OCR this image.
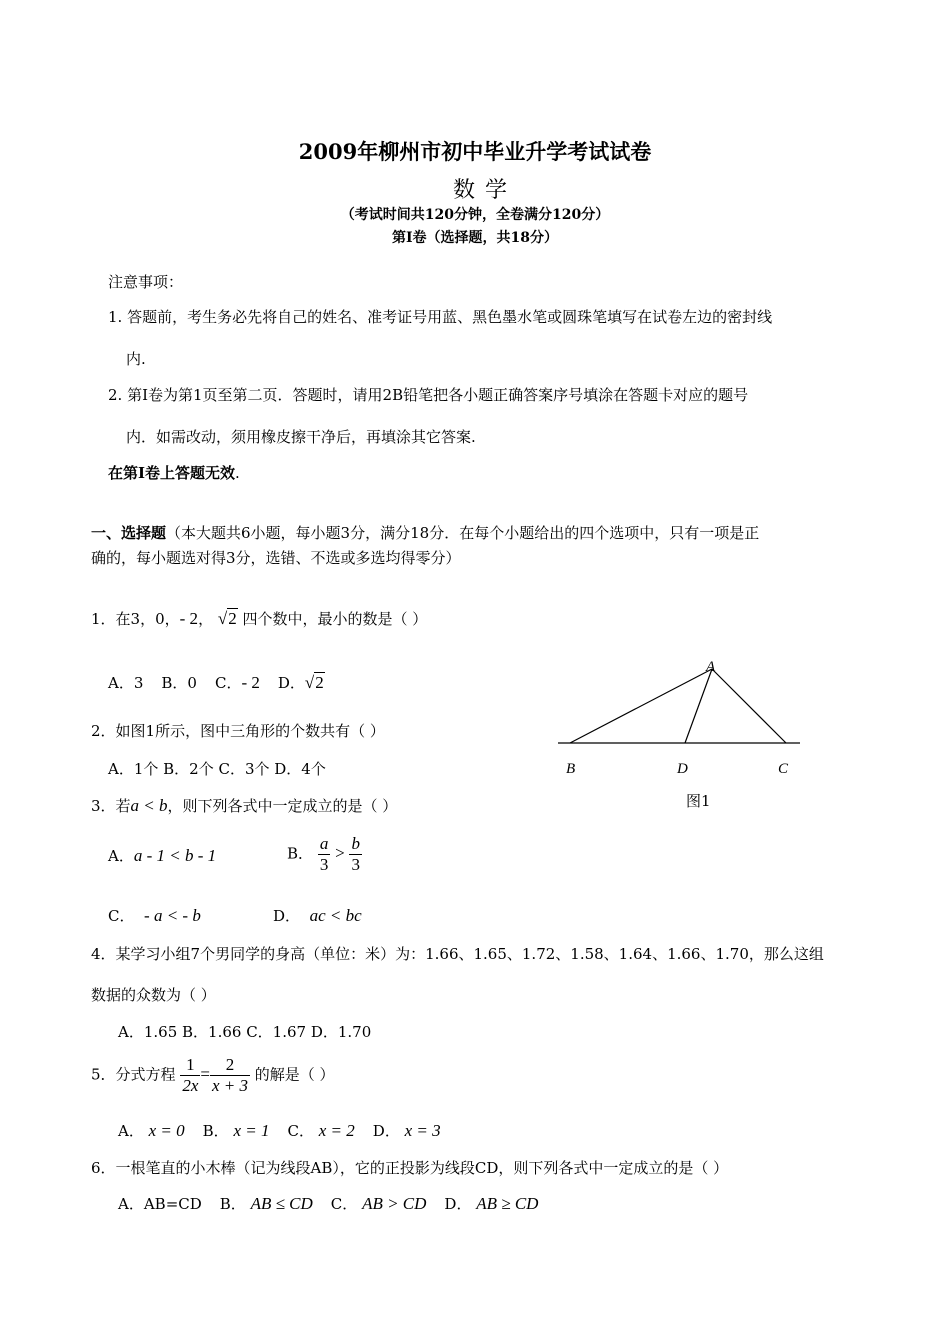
2009年柳州市初中毕业升学考试试卷
数学
（考试时间共120分钟，全卷满分120分）
第Ⅰ卷（选择题，共18分）
注意事项：
1. 答题前，考生务必先将自己的姓名、准考证号用蓝、黑色墨水笔或圆珠笔填写在试卷左边的密封线
内.
2. 第Ⅰ卷为第1页至第二页．答题时，请用2B铅笔把各小题正确答案序号填涂在答题卡对应的题号
内．如需改动，须用橡皮擦干净后，再填涂其它答案.
在第I卷上答题无效.
一、选择题（本大题共6小题，每小题3分，满分18分．在每个小题给出的四个选项中，只有一项是正
确的，每小题选对得3分，选错、不选或多选均得零分）
1．在3，0，- 2， √2 四个数中，最小的数是（ ）
A．3 B．0 C．- 2 D．√2
2．如图1所示，图中三角形的个数共有（ ）
A．1个 B．2个 C．3个 D．4个
A
B	D	C
图1
3．若a < b，则下列各式中一定成立的是（ ）
A．a - 1 < b - 1	B． $\frac{a}{3} > \frac{b}{3}$
C． - a < - b	D． ac < bc
4．某学习小组7个男同学的身高（单位：米）为：1.66、1.65、1.72、1.58、1.64、1.66、1.70，那么这组
数据的众数为（ ）
A．1.65 B．1.66 C．1.67 D．1.70
5．分式方程 $\frac{1}{2x} = \frac{2}{x + 3}$ 的解是（ ）
A． x = 0 B． x = 1 C． x = 2 D． x = 3
6．一根笔直的小木棒（记为线段AB），它的正投影为线段CD，则下列各式中一定成立的是（ ）
A．AB=CD B． AB ≤ CD C． AB > CD D． AB ≥ CD
